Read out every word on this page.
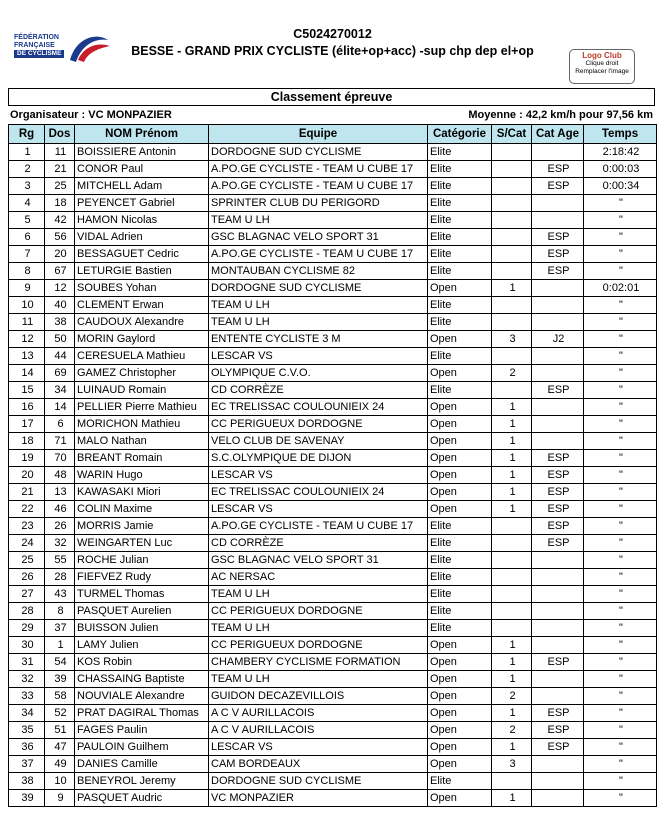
FÉDÉRATION
FRANÇAISE
DE CYCLISME
C5024270012
BESSE - GRAND PRIX CYCLISTE (élite+op+acc) -sup chp dep el+op	Logo Club
Clique droit
Remplacer l'image
Classement épreuve
Organisateur : VC MONPAZIER	Moyenne : 42,2 km/h pour 97,56 km
Rg	Dos	NOM Prénom	Equipe	Catégorie	S/Cat	Cat Age	Temps
1	11	BOISSIERE Antonin	DORDOGNE SUD CYCLISME	Elite			2:18:42
2	21	CONOR Paul	A.PO.GE CYCLISTE - TEAM U CUBE 17	Elite		ESP	0:00:03
3	25	MITCHELL Adam	A.PO.GE CYCLISTE - TEAM U CUBE 17	Elite		ESP	0:00:34
4	18	PEYENCET Gabriel	SPRINTER CLUB DU PERIGORD	Elite			"
5	42	HAMON Nicolas	TEAM U LH	Elite			"
6	56	VIDAL Adrien	GSC BLAGNAC VELO SPORT 31	Elite		ESP	"
7	20	BESSAGUET Cedric	A.PO.GE CYCLISTE - TEAM U CUBE 17	Elite		ESP	"
8	67	LETURGIE Bastien	MONTAUBAN CYCLISME 82	Elite		ESP	"
9	12	SOUBES Yohan	DORDOGNE SUD CYCLISME	Open	1		0:02:01
10	40	CLEMENT Erwan	TEAM U LH	Elite			"
11	38	CAUDOUX Alexandre	TEAM U LH	Elite			"
12	50	MORIN Gaylord	ENTENTE CYCLISTE 3 M	Open	3	J2	"
13	44	CERESUELA Mathieu	LESCAR VS	Elite			"
14	69	GAMEZ Christopher	OLYMPIQUE C.V.O.	Open	2		"
15	34	LUINAUD Romain	CD CORRÈZE	Elite		ESP	"
16	14	PELLIER Pierre Mathieu	EC TRELISSAC COULOUNIEIX 24	Open	1		"
17	6	MORICHON Mathieu	CC PERIGUEUX DORDOGNE	Open	1		"
18	71	MALO Nathan	VELO CLUB DE SAVENAY	Open	1		"
19	70	BREANT Romain	S.C.OLYMPIQUE DE DIJON	Open	1	ESP	"
20	48	WARIN Hugo	LESCAR VS	Open	1	ESP	"
21	13	KAWASAKI Miori	EC TRELISSAC COULOUNIEIX 24	Open	1	ESP	"
22	46	COLIN Maxime	LESCAR VS	Open	1	ESP	"
23	26	MORRIS Jamie	A.PO.GE CYCLISTE - TEAM U CUBE 17	Elite		ESP	"
24	32	WEINGARTEN Luc	CD CORRÈZE	Elite		ESP	"
25	55	ROCHE Julian	GSC BLAGNAC VELO SPORT 31	Elite			"
26	28	FIEFVEZ Rudy	AC NERSAC	Elite			"
27	43	TURMEL Thomas	TEAM U LH	Elite			"
28	8	PASQUET Aurelien	CC PERIGUEUX DORDOGNE	Elite			"
29	37	BUISSON Julien	TEAM U LH	Elite			"
30	1	LAMY Julien	CC PERIGUEUX DORDOGNE	Open	1		"
31	54	KOS Robin	CHAMBERY CYCLISME FORMATION	Open	1	ESP	"
32	39	CHASSAING Baptiste	TEAM U LH	Open	1		"
33	58	NOUVIALE Alexandre	GUIDON DECAZEVILLOIS	Open	2		"
34	52	PRAT DAGIRAL Thomas	A C V AURILLACOIS	Open	1	ESP	"
35	51	FAGES Paulin	A C V AURILLACOIS	Open	2	ESP	"
36	47	PAULOIN Guilhem	LESCAR VS	Open	1	ESP	"
37	49	DANIES Camille	CAM BORDEAUX	Open	3		"
38	10	BENEYROL Jeremy	DORDOGNE SUD CYCLISME	Elite			"
39	9	PASQUET Audric	VC MONPAZIER	Open	1		"
